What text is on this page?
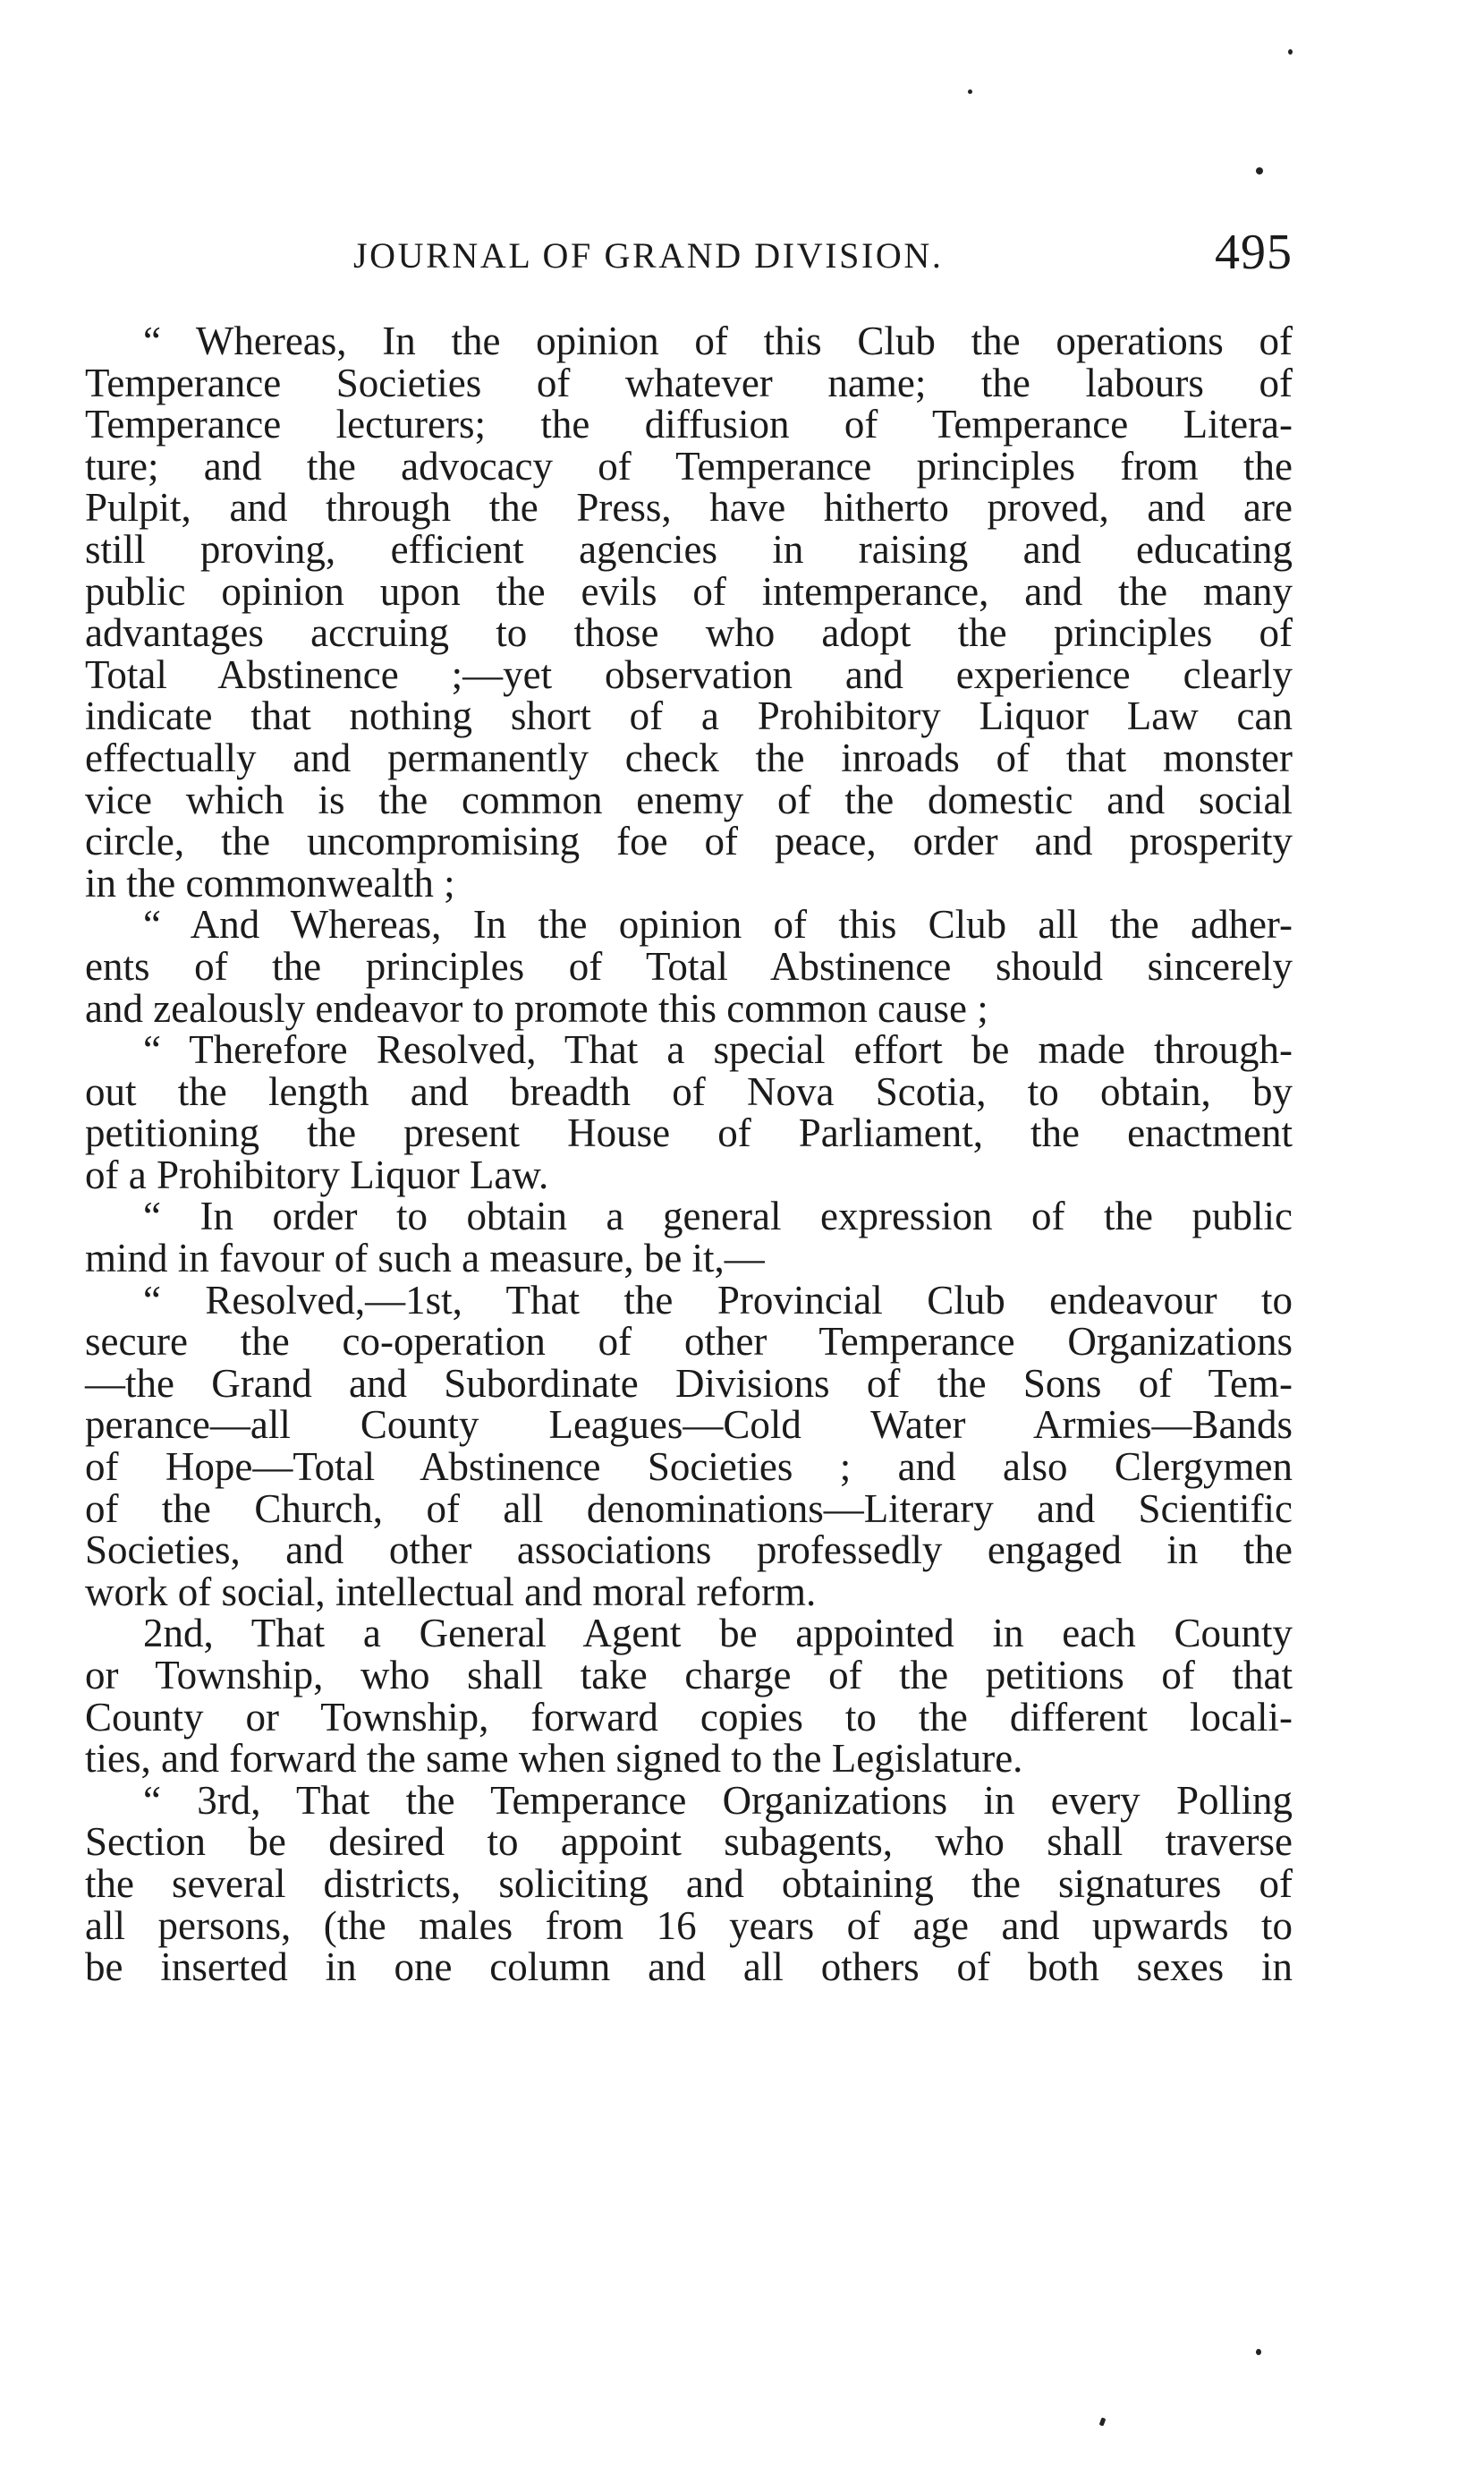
JOURNAL OF GRAND DIVISION.	495
“ Whereas, In the opinion of this Club the operations of
Temperance Societies of whatever name; the labours of
Temperance lecturers; the diffusion of Temperance Litera-
ture; and the advocacy of Temperance principles from the
Pulpit, and through the Press, have hitherto proved, and are
still proving, efficient agencies in raising and educating
public opinion upon the evils of intemperance, and the many
advantages accruing to those who adopt the principles of
Total Abstinence ;—yet observation and experience clearly
indicate that nothing short of a Prohibitory Liquor Law can
effectually and permanently check the inroads of that monster
vice which is the common enemy of the domestic and social
circle, the uncompromising foe of peace, order and prosperity
in the commonwealth ;
“ And Whereas, In the opinion of this Club all the adher-
ents of the principles of Total Abstinence should sincerely
and zealously endeavor to promote this common cause ;
“ Therefore Resolved, That a special effort be made through-
out the length and breadth of Nova Scotia, to obtain, by
petitioning the present House of Parliament, the enactment
of a Prohibitory Liquor Law.
“ In order to obtain a general expression of the public
mind in favour of such a measure, be it,—
“ Resolved,—1st, That the Provincial Club endeavour to
secure the co-operation of other Temperance Organizations
—the Grand and Subordinate Divisions of the Sons of Tem-
perance—all County Leagues—Cold Water Armies—Bands
of Hope—Total Abstinence Societies ; and also Clergymen
of the Church, of all denominations—Literary and Scientific
Societies, and other associations professedly engaged in the
work of social, intellectual and moral reform.
2nd, That a General Agent be appointed in each County
or Township, who shall take charge of the petitions of that
County or Township, forward copies to the different locali-
ties, and forward the same when signed to the Legislature.
“ 3rd, That the Temperance Organizations in every Polling
Section be desired to appoint subagents, who shall traverse
the several districts, soliciting and obtaining the signatures of
all persons, (the males from 16 years of age and upwards to
be inserted in one column and all others of both sexes in
